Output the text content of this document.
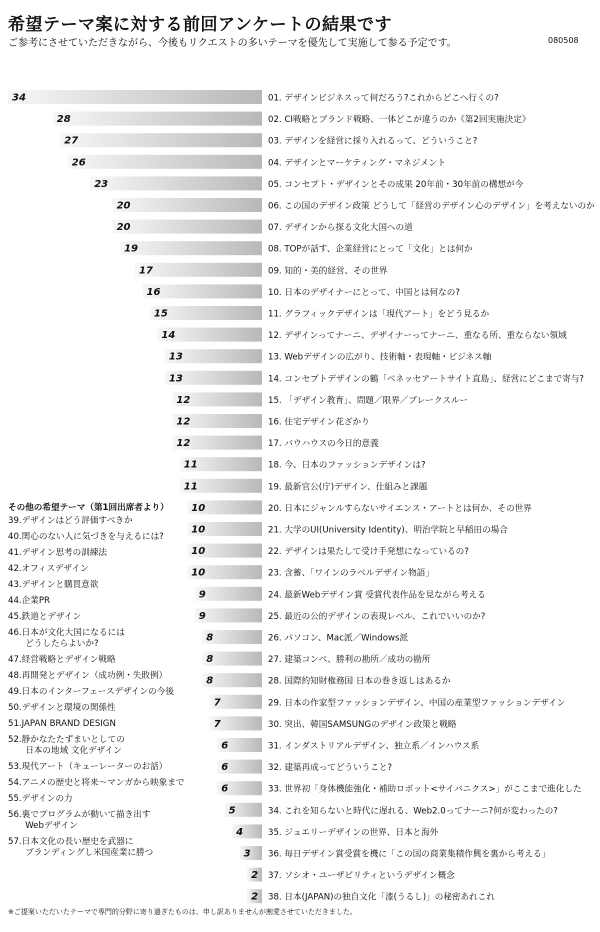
希望テーマ案に対する前回アンケートの結果です
ご参考にさせていただきながら、今後もリクエストの多いテーマを優先して実施して参る予定です。	080508
34	01. デザインビジネスって何だろう?これからどこへ行くの?
28	02. CI戦略とブランド戦略、一体どこが違うのか《第2回実施決定》
27	03. デザインを経営に採り入れるって、どういうこと?
26	04. デザインとマーケティング・マネジメント
23	05. コンセプト・デザインとその成果 20年前・30年前の構想が今
20	06. この国のデザイン政策 どうして「経営のデザイン心のデザイン」を考えないのか
20	07. デザインから探る文化大国への道
19	08. TOPが話す、企業経営にとって「文化」とは何か
17	09. 知的・美的経営、その世界
16	10. 日本のデザイナーにとって、中国とは何なの?
15	11. グラフィックデザインは「現代アート」をどう見るか
14	12. デザインってナーニ、デザイナーってナーニ、重なる所、重ならない領域
13	13. Webデザインの広がり、技術軸・表現軸・ビジネス軸
13	14. コンセプトデザインの鶴「ベネッセアートサイト直島」、経営にどこまで寄与?
12	15. 「デザイン教育」、問題／限界／ブレークスルー
12	16. 住宅デザイン花ざかり
12	17. バウハウスの今日的意義
11	18. 今、日本のファッションデザインは?
11	19. 最新官公(庁)デザイン、仕組みと課題
10	20. 日本にジャンルすらないサイエンス・アートとは何か、その世界
10	21. 大学のUI(University Identity)、明治学院と早稲田の場合
10	22. デザインは果たして受け手発想になっているの?
10	23. 含蓄、「ワインのラベルデザイン物語」
9	24. 最新Webデザイン賞 受賞代表作品を見ながら考える
9	25. 最近の公的デザインの表現レベル、これでいいのか?
8	26. パソコン、Mac派／Windows派
8	27. 建築コンペ、勝利の勘所／成功の勘所
8	28. 国際約知財権務国 日本の巻き返しはあるか
7	29. 日本の作家型ファッションデザイン、中国の産業型ファッションデザイン
7	30. 突出、韓国SAMSUNGのデザイン政策と戦略
6	31. インダストリアルデザイン、独立系／インハウス系
6	32. 建築再成ってどういうこと?
6	33. 世界初「身体機能強化・補助ロボット<サイバニクス>」がここまで進化した
5	34. これを知らないと時代に遅れる、Web2.0ってナーニ?何が変わったの?
4	35. ジュエリーデザインの世界、日本と海外
3 36. 毎日デザイン賞受賞を機に「この国の商業集積作興を裏から考える」
2 37. ソシオ・ユーザビリティというデザイン概念
2 38. 日本(JAPAN)の独自文化「漆(うるし)」の秘密あれこれ
その他の希望テーマ（第1回出席者より）
39.デザインはどう評価すべきか
40.関心のない人に気づきを与えるには?
41.デザイン思考の訓練法
42.オフィスデザイン
43.デザインと購買意欲
44.企業PR
45.鉄道とデザイン
46.日本が文化大国になるには
　　どうしたらよいか?
47.経営戦略とデザイン戦略
48.再開発とデザイン（成功例・失敗例）
49.日本のインターフェースデザインの今後
50.デザインと環境の関係性
51.JAPAN BRAND DESIGN
52.静かなたたずまいとしての
　　日本の地域 文化デザイン
53.現代アート（キューレーターのお話）
54.アニメの歴史と将来～マンガから映象まで
55.デザインの力
56.裏でプログラムが動いて描き出す
　　Webデザイン
57.日本文化の長い歴史を武器に
　　ブランディングし米国産業に勝つ
※ご提案いただいたテーマで専門的分野に寄り過ぎたものは、申し訳ありませんが割愛させていただきました。
